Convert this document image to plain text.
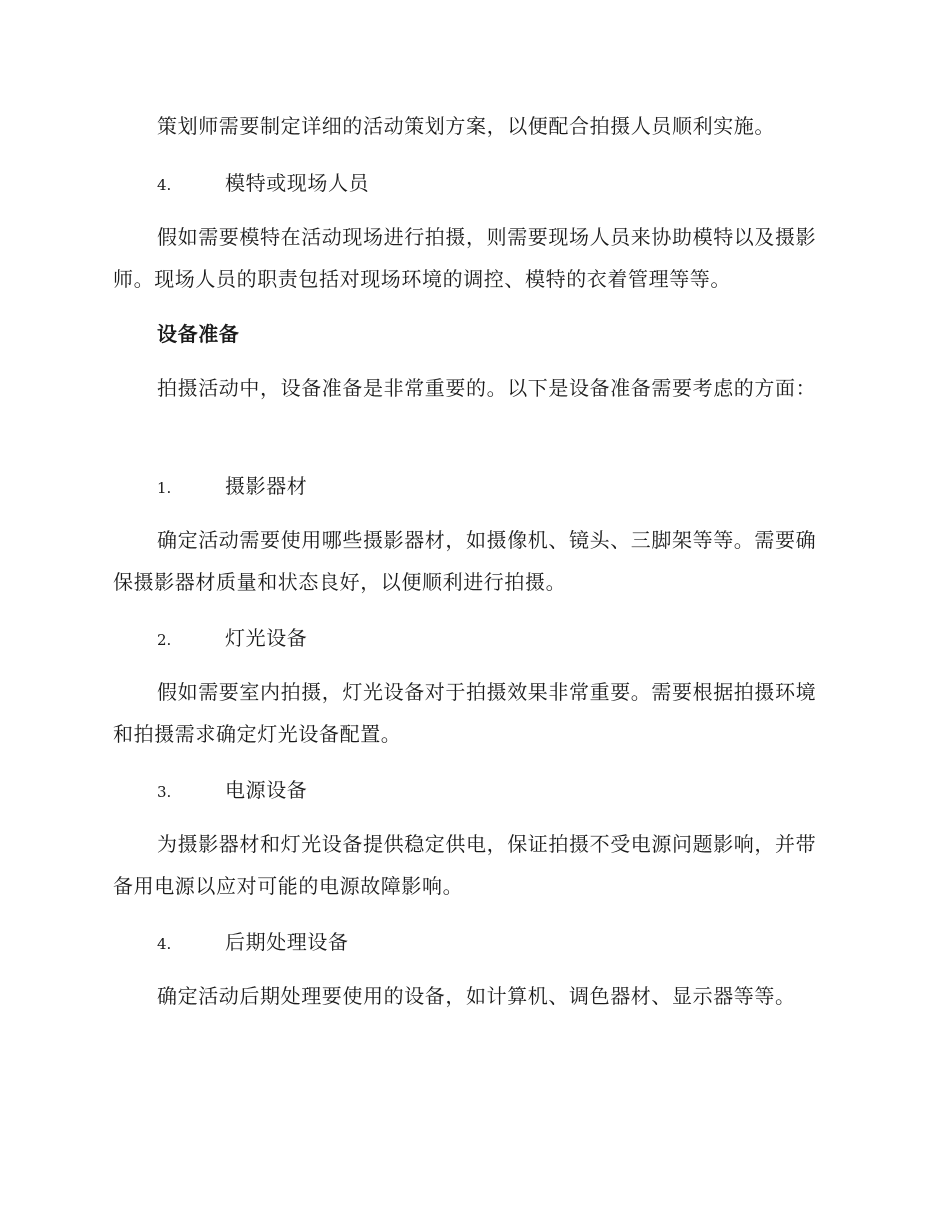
策划师需要制定详细的活动策划方案，以便配合拍摄人员顺利实施。

4.	模特或现场人员

假如需要模特在活动现场进行拍摄，则需要现场人员来协助模特以及摄影师。现场人员的职责包括对现场环境的调控、模特的衣着管理等等。

设备准备

拍摄活动中，设备准备是非常重要的。以下是设备准备需要考虑的方面：

1.	摄影器材

确定活动需要使用哪些摄影器材，如摄像机、镜头、三脚架等等。需要确保摄影器材质量和状态良好，以便顺利进行拍摄。

2.	灯光设备

假如需要室内拍摄，灯光设备对于拍摄效果非常重要。需要根据拍摄环境和拍摄需求确定灯光设备配置。

3.	电源设备

为摄影器材和灯光设备提供稳定供电，保证拍摄不受电源问题影响，并带备用电源以应对可能的电源故障影响。

4.	后期处理设备

确定活动后期处理要使用的设备，如计算机、调色器材、显示器等等。
